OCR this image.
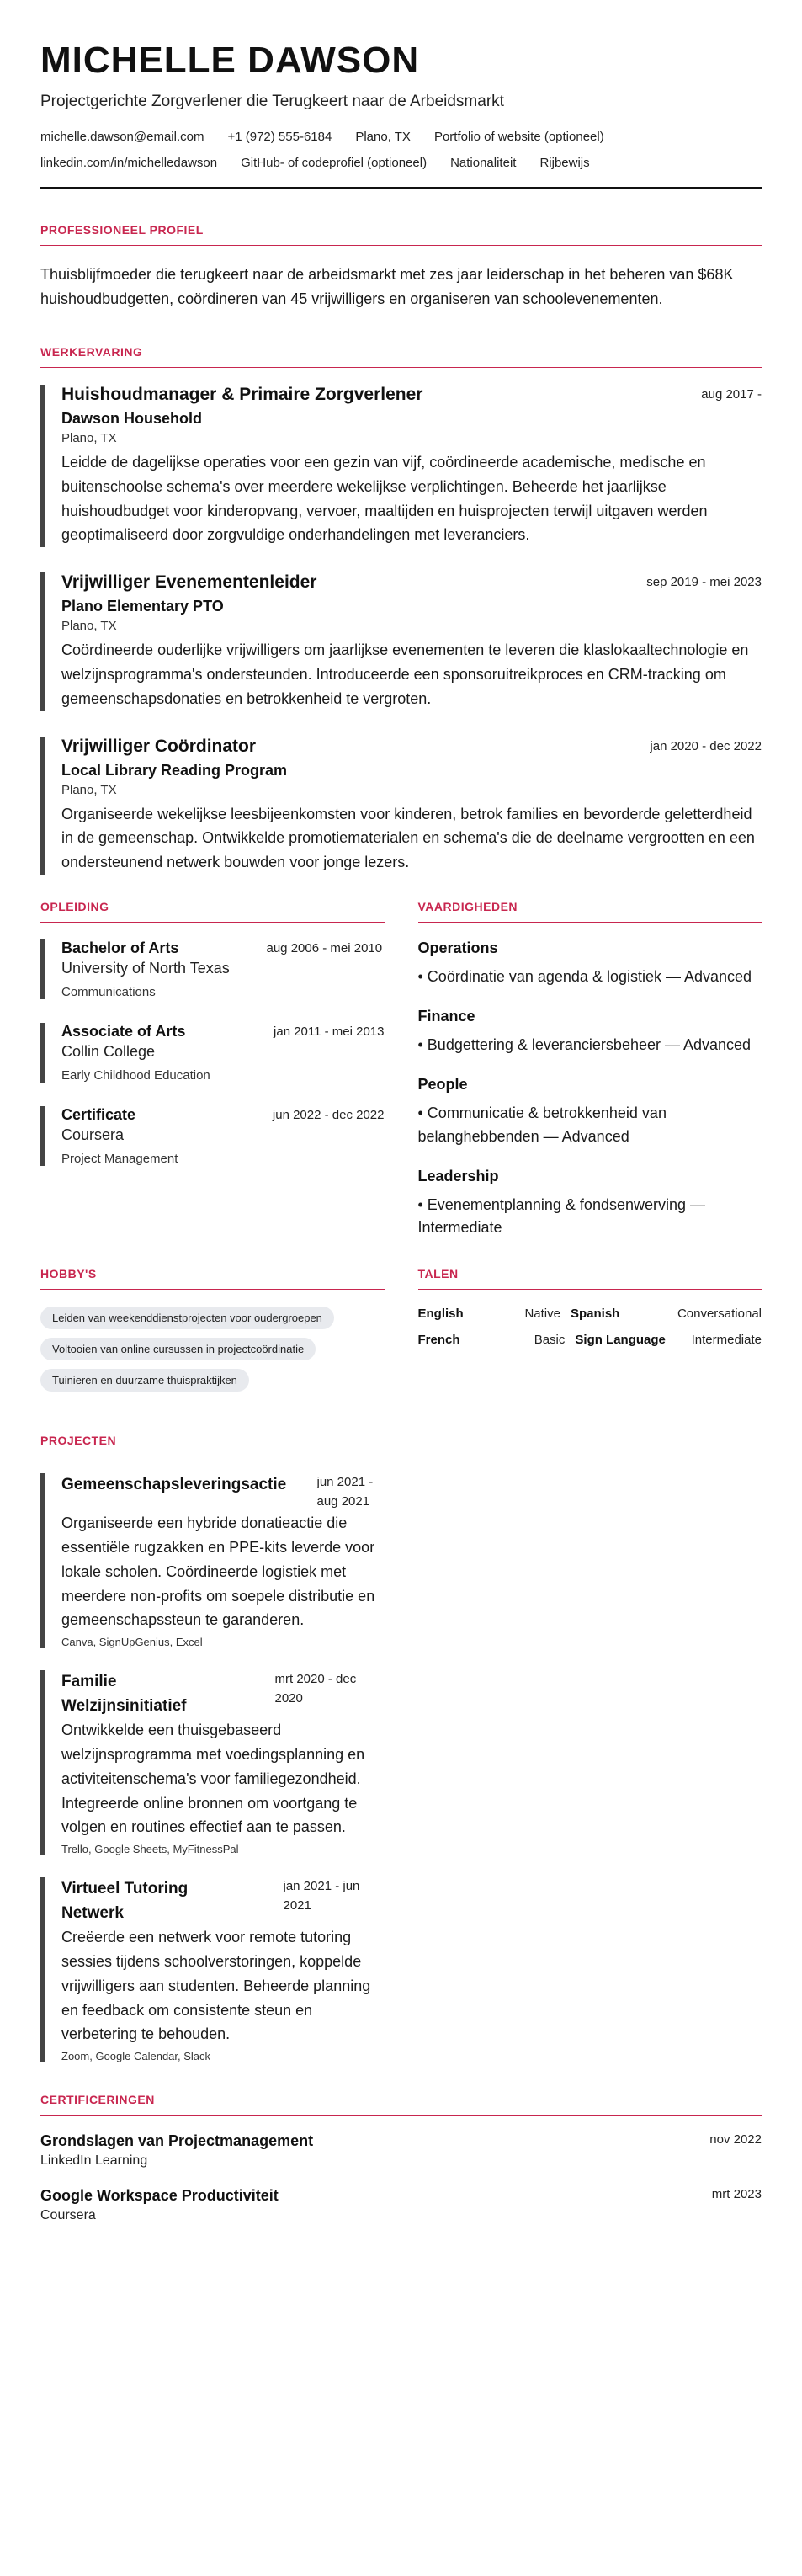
MICHELLE DAWSON
Projectgerichte Zorgverlener die Terugkeert naar de Arbeidsmarkt
michelle.dawson@email.com +1 (972) 555-6184 Plano, TX Portfolio of website (optioneel)
linkedin.com/in/michelledawson GitHub- of codeprofiel (optioneel) Nationaliteit Rijbewijs
PROFESSIONEEL PROFIEL

Thuisblijfmoeder die terugkeert naar de arbeidsmarkt met zes jaar leiderschap in het beheren van $68K huishoudbudgetten, coördineren van 45 vrijwilligers en organiseren van schoolevenementen.

WERKERVARING
Huishoudmanager & Primaire Zorgverlener	aug 2017 -
Dawson Household
Plano, TX

Leidde de dagelijkse operaties voor een gezin van vijf, coördineerde academische, medische en buitenschoolse schema's over meerdere wekelijkse verplichtingen. Beheerde het jaarlijkse huishoudbudget voor kinderopvang, vervoer, maaltijden en huisprojecten terwijl uitgaven werden geoptimaliseerd door zorgvuldige onderhandelingen met leveranciers.

Vrijwilliger Evenementenleider	sep 2019 - mei 2023
Plano Elementary PTO
Plano, TX

Coördineerde ouderlijke vrijwilligers om jaarlijkse evenementen te leveren die klaslokaaltechnologie en welzijnsprogramma's ondersteunden. Introduceerde een sponsoruitreikproces en CRM-tracking om gemeenschapsdonaties en betrokkenheid te vergroten.

Vrijwilliger Coördinator	jan 2020 - dec 2022
Local Library Reading Program
Plano, TX

Organiseerde wekelijkse leesbijeenkomsten voor kinderen, betrok families en bevorderde geletterdheid in de gemeenschap. Ontwikkelde promotiematerialen en schema's die de deelname vergrootten en een ondersteunend netwerk bouwden voor jonge lezers.

OPLEIDING
Bachelor of Arts
University of North Texas
aug 2006 - mei 2010
Communications
Associate of Arts
Collin College
jan 2011 - mei 2013
Early Childhood Education
Certificate
Coursera
jun 2022 - dec 2022
Project Management
VAARDIGHEDEN
Operations
• Coördinatie van agenda & logistiek — Advanced
Finance
• Budgettering & leveranciersbeheer — Advanced
People
• Communicatie & betrokkenheid van belanghebbenden — Advanced
Leadership
• Evenementplanning & fondsenwerving — Intermediate
HOBBY'S
Leiden van weekenddienstprojecten voor oudergroepen
Voltooien van online cursussen in projectcoördinatie
Tuinieren en duurzame thuispraktijken
TALEN
English	Native Spanish	Conversational
French	Basic Sign Language	Intermediate
PROJECTEN
Gemeenschapsleveringsactie jun 2021 - aug 2021

Organiseerde een hybride donatieactie die essentiële rugzakken en PPE-kits leverde voor lokale scholen. Coördineerde logistiek met meerdere non-profits om soepele distributie en gemeenschapssteun te garanderen.

Canva, SignUpGenius, Excel
Familie Welzijnsinitiatief
mrt 2020 - dec 2020

Ontwikkelde een thuisgebaseerd welzijnsprogramma met voedingsplanning en activiteitenschema's voor familiegezondheid. Integreerde online bronnen om voortgang te volgen en routines effectief aan te passen.

Trello, Google Sheets, MyFitnessPal
Virtueel Tutoring Netwerk
jan 2021 - jun 2021

Creëerde een netwerk voor remote tutoring sessies tijdens schoolverstoringen, koppelde vrijwilligers aan studenten. Beheerde planning en feedback om consistente steun en verbetering te behouden.

Zoom, Google Calendar, Slack
CERTIFICERINGEN
Grondslagen van Projectmanagement
LinkedIn Learning
nov 2022
Google Workspace Productiviteit
Coursera
mrt 2023
